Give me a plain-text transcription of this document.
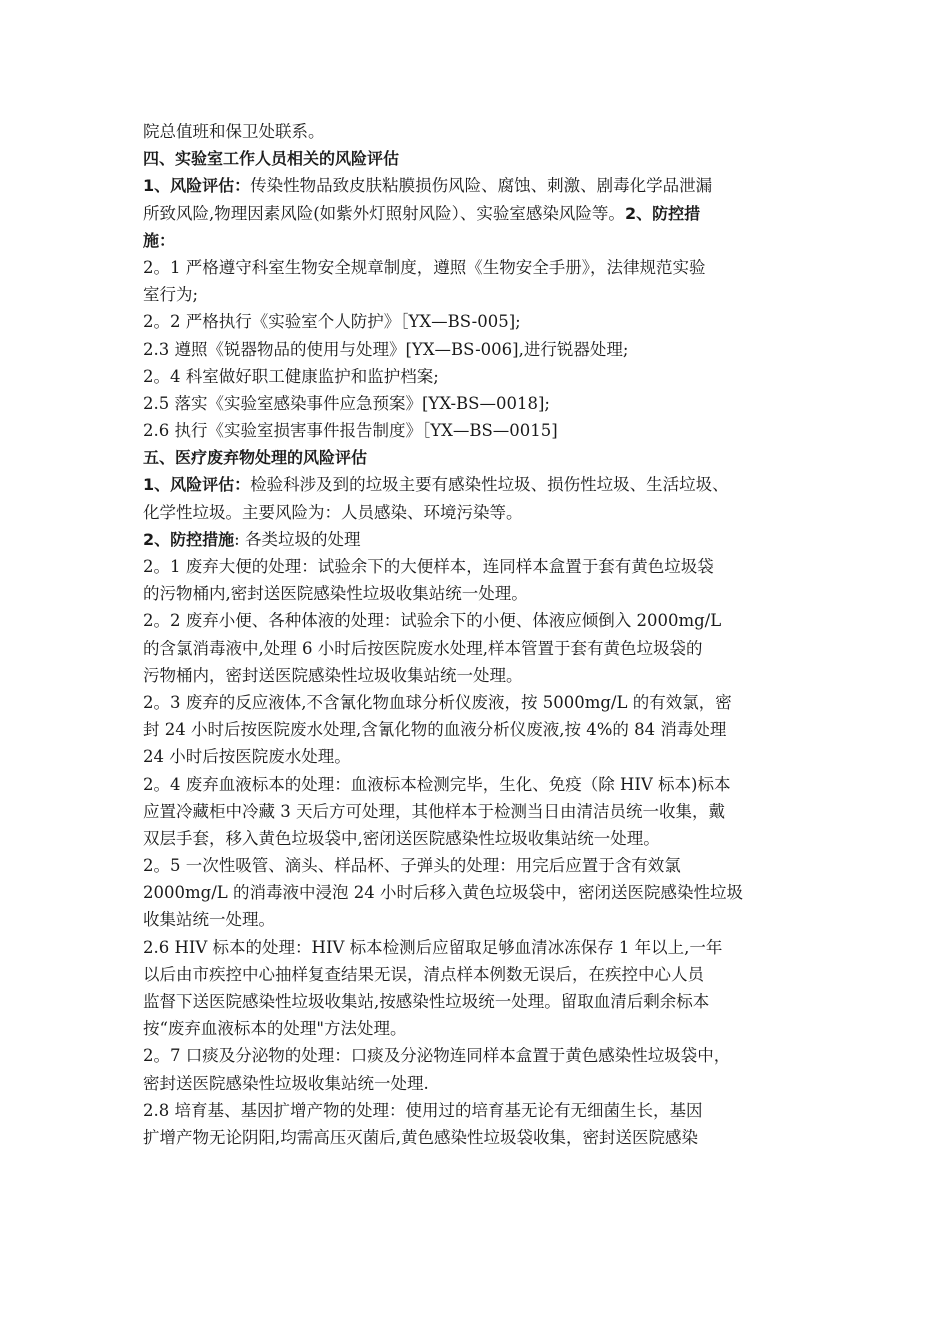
院总值班和保卫处联系。
四、实验室工作人员相关的风险评估
1、风险评估：传染性物品致皮肤粘膜损伤风险、腐蚀、刺激、剧毒化学品泄漏
所致风险,物理因素风险(如紫外灯照射风险）、实验室感染风险等。2、防控措
施：
2。1 严格遵守科室生物安全规章制度，遵照《生物安全手册》，法律规范实验
室行为;
2。2 严格执行《实验室个人防护》［YX—BS-005];
2.3 遵照《锐器物品的使用与处理》[YX—BS-006],进行锐器处理;
2。4 科室做好职工健康监护和监护档案;
2.5 落实《实验室感染事件应急预案》[YX-BS—0018];
2.6 执行《实验室损害事件报告制度》［YX—BS—0015]
五、医疗废弃物处理的风险评估
1、风险评估：检验科涉及到的垃圾主要有感染性垃圾、损伤性垃圾、生活垃圾、
化学性垃圾。主要风险为：人员感染、环境污染等。
2、防控措施: 各类垃圾的处理
2。1 废弃大便的处理：试验余下的大便样本，连同样本盒置于套有黄色垃圾袋
的污物桶内,密封送医院感染性垃圾收集站统一处理。
2。2 废弃小便、各种体液的处理：试验余下的小便、体液应倾倒入 2000mg/L
的含氯消毒液中,处理 6 小时后按医院废水处理,样本管置于套有黄色垃圾袋的
污物桶内，密封送医院感染性垃圾收集站统一处理。
2。3 废弃的反应液体,不含氰化物血球分析仪废液，按 5000mg/L 的有效氯，密
封 24 小时后按医院废水处理,含氰化物的血液分析仪废液,按 4%的 84 消毒处理
24 小时后按医院废水处理。
2。4 废弃血液标本的处理：血液标本检测完毕，生化、免疫（除 HIV 标本)标本
应置冷藏柜中冷藏 3 天后方可处理，其他样本于检测当日由清洁员统一收集，戴
双层手套，移入黄色垃圾袋中,密闭送医院感染性垃圾收集站统一处理。
2。5 一次性吸管、滴头、样品杯、子弹头的处理：用完后应置于含有效氯
2000mg/L 的消毒液中浸泡 24 小时后移入黄色垃圾袋中，密闭送医院感染性垃圾
收集站统一处理。
2.6 HIV 标本的处理：HIV 标本检测后应留取足够血清冰冻保存 1 年以上,一年
以后由市疾控中心抽样复查结果无误，清点样本例数无误后，在疾控中心人员
监督下送医院感染性垃圾收集站,按感染性垃圾统一处理。留取血清后剩余标本
按“废弃血液标本的处理"方法处理。
2。7 口痰及分泌物的处理：口痰及分泌物连同样本盒置于黄色感染性垃圾袋中，
密封送医院感染性垃圾收集站统一处理.
2.8 培育基、基因扩增产物的处理：使用过的培育基无论有无细菌生长，基因
扩增产物无论阴阳,均需高压灭菌后,黄色感染性垃圾袋收集，密封送医院感染
